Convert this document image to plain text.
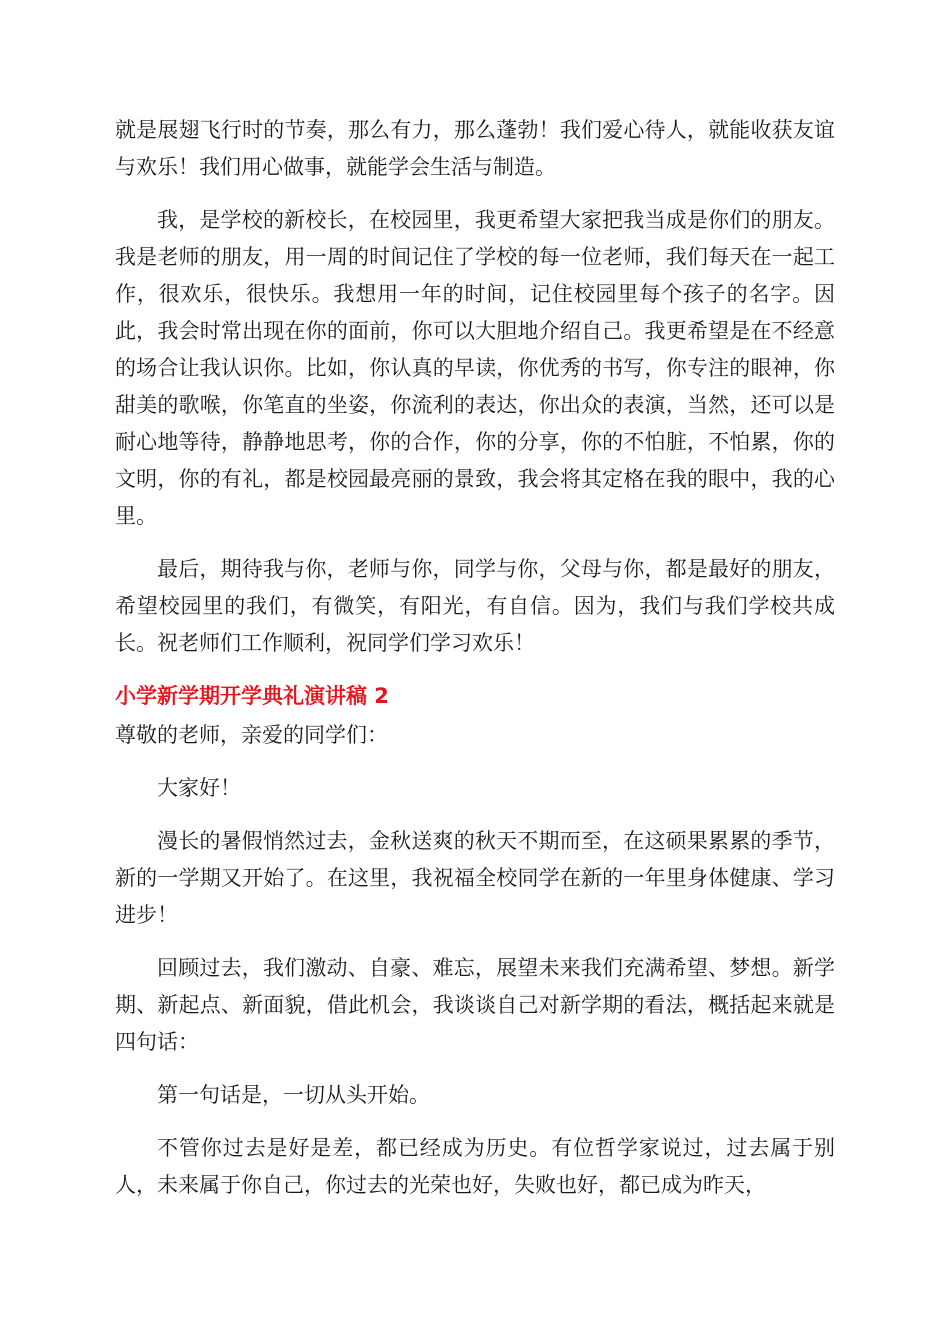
就是展翅飞行时的节奏，那么有力，那么蓬勃！我们爱心待人，就能收获友谊与欢乐！我们用心做事，就能学会生活与制造。

我，是学校的新校长，在校园里，我更希望大家把我当成是你们的朋友。我是老师的朋友，用一周的时间记住了学校的每一位老师，我们每天在一起工作，很欢乐，很快乐。我想用一年的时间，记住校园里每个孩子的名字。因此，我会时常出现在你的面前，你可以大胆地介绍自己。我更希望是在不经意的场合让我认识你。比如，你认真的早读，你优秀的书写，你专注的眼神，你甜美的歌喉，你笔直的坐姿，你流利的表达，你出众的表演，当然，还可以是耐心地等待，静静地思考，你的合作，你的分享，你的不怕脏，不怕累，你的文明，你的有礼，都是校园最亮丽的景致，我会将其定格在我的眼中，我的心里。

最后，期待我与你，老师与你，同学与你，父母与你，都是最好的朋友，希望校园里的我们，有微笑，有阳光，有自信。因为，我们与我们学校共成长。祝老师们工作顺利，祝同学们学习欢乐！

小学新学期开学典礼演讲稿 2

尊敬的老师，亲爱的同学们：

大家好！

漫长的暑假悄然过去，金秋送爽的秋天不期而至，在这硕果累累的季节，新的一学期又开始了。在这里，我祝福全校同学在新的一年里身体健康、学习进步！

回顾过去，我们激动、自豪、难忘，展望未来我们充满希望、梦想。新学期、新起点、新面貌，借此机会，我谈谈自己对新学期的看法，概括起来就是四句话：

第一句话是，一切从头开始。

不管你过去是好是差，都已经成为历史。有位哲学家说过，过去属于别人，未来属于你自己，你过去的光荣也好，失败也好，都已成为昨天，
